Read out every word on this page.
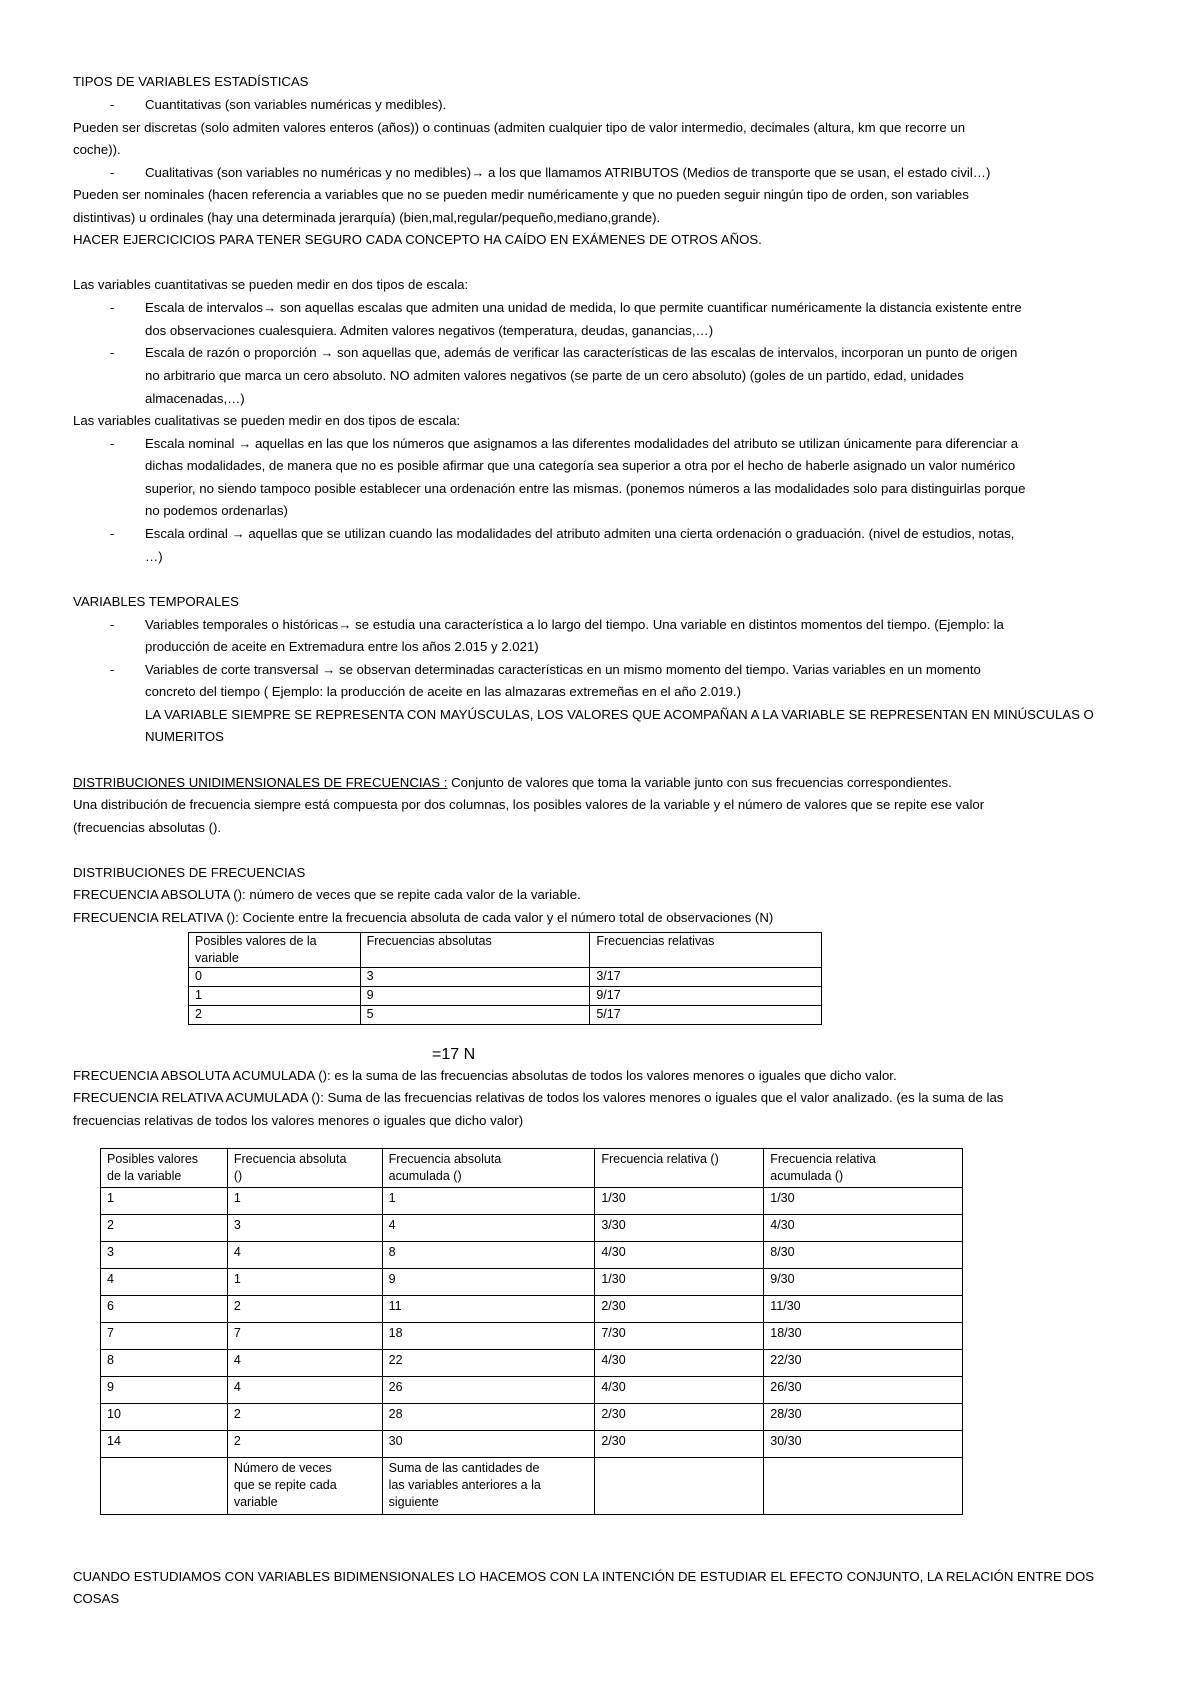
TIPOS DE VARIABLES ESTADÍSTICAS
- Cuantitativas (son variables numéricas y medibles).
Pueden ser discretas (solo admiten valores enteros (años)) o continuas (admiten cualquier tipo de valor intermedio, decimales (altura, km que recorre un
coche)).
- Cualitativas (son variables no numéricas y no medibles)→ a los que llamamos ATRIBUTOS (Medios de transporte que se usan, el estado civil…)
Pueden ser nominales (hacen referencia a variables que no se pueden medir numéricamente y que no pueden seguir ningún tipo de orden, son variables
distintivas) u ordinales (hay una determinada jerarquía) (bien,mal,regular/pequeño,mediano,grande).
HACER EJERCICICIOS PARA TENER SEGURO CADA CONCEPTO HA CAÍDO EN EXÁMENES DE OTROS AÑOS.
Las variables cuantitativas se pueden medir en dos tipos de escala:
- Escala de intervalos→ son aquellas escalas que admiten una unidad de medida, lo que permite cuantificar numéricamente la distancia existente entre
dos observaciones cualesquiera. Admiten valores negativos (temperatura, deudas, ganancias,…)
- Escala de razón o proporción → son aquellas que, además de verificar las características de las escalas de intervalos, incorporan un punto de origen
no arbitrario que marca un cero absoluto. NO admiten valores negativos (se parte de un cero absoluto) (goles de un partido, edad, unidades
almacenadas,…)
Las variables cualitativas se pueden medir en dos tipos de escala:
- Escala nominal → aquellas en las que los números que asignamos a las diferentes modalidades del atributo se utilizan únicamente para diferenciar a
dichas modalidades, de manera que no es posible afirmar que una categoría sea superior a otra por el hecho de haberle asignado un valor numérico
superior, no siendo tampoco posible establecer una ordenación entre las mismas. (ponemos números a las modalidades solo para distinguirlas porque
no podemos ordenarlas)
- Escala ordinal → aquellas que se utilizan cuando las modalidades del atributo admiten una cierta ordenación o graduación. (nivel de estudios, notas,
…)
VARIABLES TEMPORALES
- Variables temporales o históricas→ se estudia una característica a lo largo del tiempo. Una variable en distintos momentos del tiempo. (Ejemplo: la
producción de aceite en Extremadura entre los años 2.015 y 2.021)
- Variables de corte transversal → se observan determinadas características en un mismo momento del tiempo. Varias variables en un momento
concreto del tiempo ( Ejemplo: la producción de aceite en las almazaras extremeñas en el año 2.019.)
LA VARIABLE SIEMPRE SE REPRESENTA CON MAYÚSCULAS, LOS VALORES QUE ACOMPAÑAN A LA VARIABLE SE REPRESENTAN EN MINÚSCULAS O
NUMERITOS
DISTRIBUCIONES UNIDIMENSIONALES DE FRECUENCIAS : Conjunto de valores que toma la variable junto con sus frecuencias correspondientes.
Una distribución de frecuencia siempre está compuesta por dos columnas, los posibles valores de la variable y el número de valores que se repite ese valor
(frecuencias absolutas ().
DISTRIBUCIONES DE FRECUENCIAS
FRECUENCIA ABSOLUTA (): número de veces que se repite cada valor de la variable.
FRECUENCIA RELATIVA (): Cociente entre la frecuencia absoluta de cada valor y el número total de observaciones (N)
Posibles valores de la
variable	Frecuencias absolutas	Frecuencias relativas
0	3	3/17
1	9	9/17
2	5	5/17
=17 N
FRECUENCIA ABSOLUTA ACUMULADA (): es la suma de las frecuencias absolutas de todos los valores menores o iguales que dicho valor.
FRECUENCIA RELATIVA ACUMULADA (): Suma de las frecuencias relativas de todos los valores menores o iguales que el valor analizado. (es la suma de las
frecuencias relativas de todos los valores menores o iguales que dicho valor)
Posibles valores
de la variable	Frecuencia absoluta
()	Frecuencia absoluta
acumulada ()	Frecuencia relativa ()	Frecuencia relativa
acumulada ()
1	1	1	1/30	1/30
2	3	4	3/30	4/30
3	4	8	4/30	8/30
4	1	9	1/30	9/30
6	2	11	2/30	11/30
7	7	18	7/30	18/30
8	4	22	4/30	22/30
9	4	26	4/30	26/30
10	2	28	2/30	28/30
14	2	30	2/30	30/30
	Número de veces
que se repite cada
variable	Suma de las cantidades de
las variables anteriores a la
siguiente		
CUANDO ESTUDIAMOS CON VARIABLES BIDIMENSIONALES LO HACEMOS CON LA INTENCIÓN DE ESTUDIAR EL EFECTO CONJUNTO, LA RELACIÓN ENTRE DOS
COSAS
